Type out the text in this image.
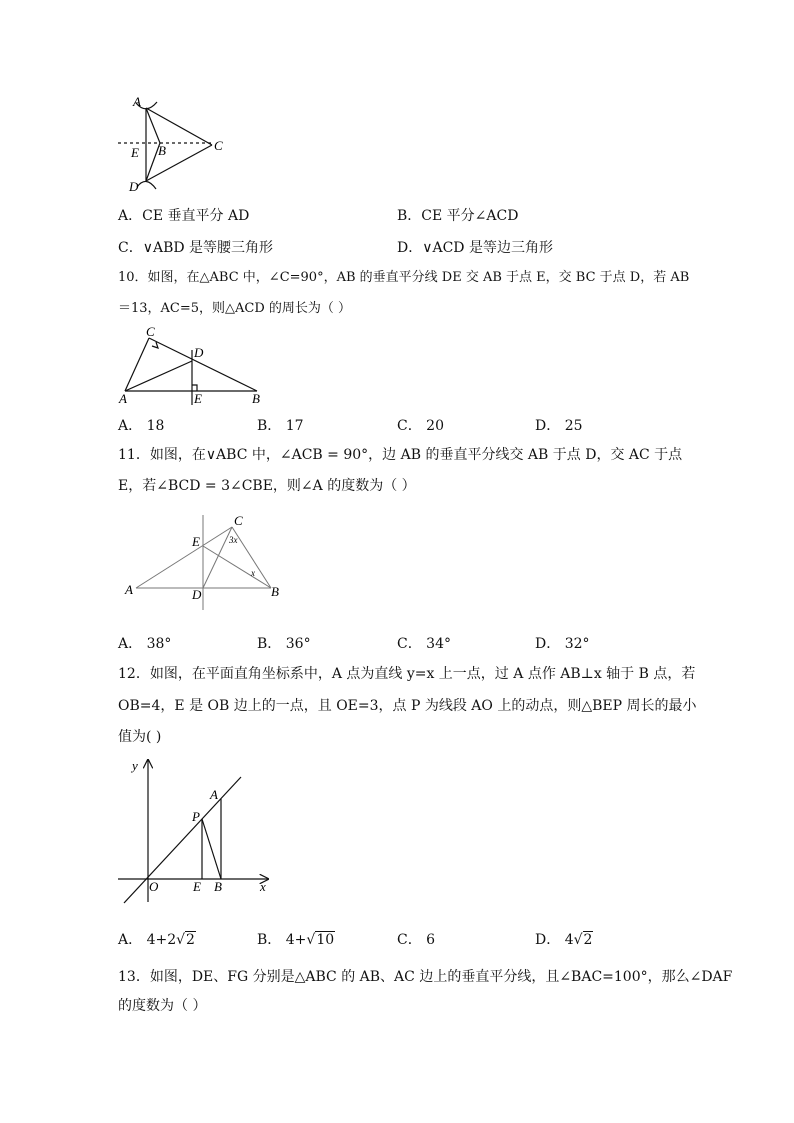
A
C
E B
D
A．CE 垂直平分 AD	B．CE 平分∠ACD
C．∨ABD 是等腰三角形	D．∨ACD 是等边三角形
10．如图，在△ABC 中，∠C=90°，AB 的垂直平分线 DE 交 AB 于点 E，交 BC 于点 D，若 AB
＝13，AC=5，则△ACD 的周长为（ ）
C
D
A	E	B
A． 18	B． 17	C． 20	D． 25
11．如图，在∨ABC 中，∠ACB = 90°，边 AB 的垂直平分线交 AB 于点 D，交 AC 于点
E，若∠BCD = 3∠CBE，则∠A 的度数为（ ）
C
E
A	D	B
3x
x
A． 38°	B． 36°	C． 34°	D． 32°
12．如图，在平面直角坐标系中，A 点为直线 y=x 上一点，过 A 点作 AB⊥x 轴于 B 点，若
OB=4，E 是 OB 边上的一点，且 OE=3，点 P 为线段 AO 上的动点，则△BEP 周长的最小
值为( )
y
x
O
A
P
E B
A． 4+2√2	B． 4+√10	C． 6	D． 4√2
13．如图，DE、FG 分别是△ABC 的 AB、AC 边上的垂直平分线，且∠BAC=100°，那么∠DAF
的度数为（ ）
